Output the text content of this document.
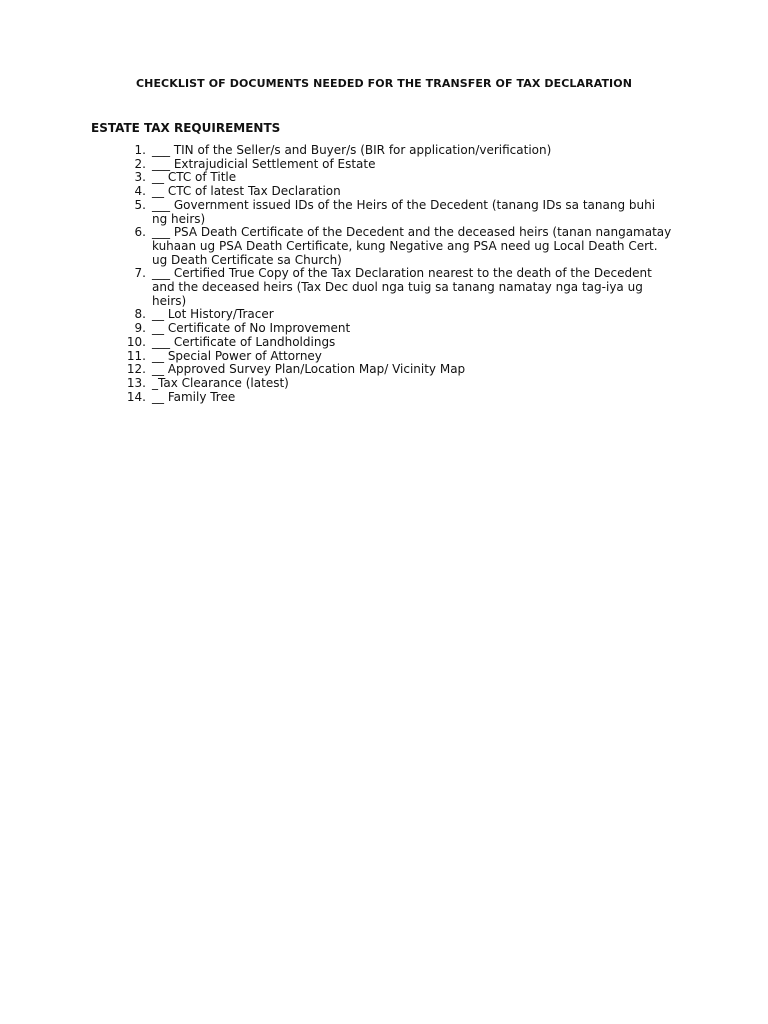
CHECKLIST OF DOCUMENTS NEEDED FOR THE TRANSFER OF TAX DECLARATION
ESTATE TAX REQUIREMENTS
1. ___ TIN of the Seller/s and Buyer/s (BIR for application/verification)
2. ___ Extrajudicial Settlement of Estate
3. __ CTC of Title
4. __ CTC of latest Tax Declaration
5. ___ Government issued IDs of the Heirs of the Decedent (tanang IDs sa tanang buhi ng heirs)
6. ___ PSA Death Certificate of the Decedent and the deceased heirs (tanan nangamatay kuhaan ug PSA Death Certificate, kung Negative ang PSA need ug Local Death Cert. ug Death Certificate sa Church)
7. ___ Certified True Copy of the Tax Declaration nearest to the death of the Decedent and the deceased heirs (Tax Dec duol nga tuig sa tanang namatay nga tag-iya ug heirs)
8. __ Lot History/Tracer
9. __ Certificate of No Improvement
10. ___ Certificate of Landholdings
11. __ Special Power of Attorney
12. __ Approved Survey Plan/Location Map/ Vicinity Map
13. _Tax Clearance (latest)
14. __ Family Tree
